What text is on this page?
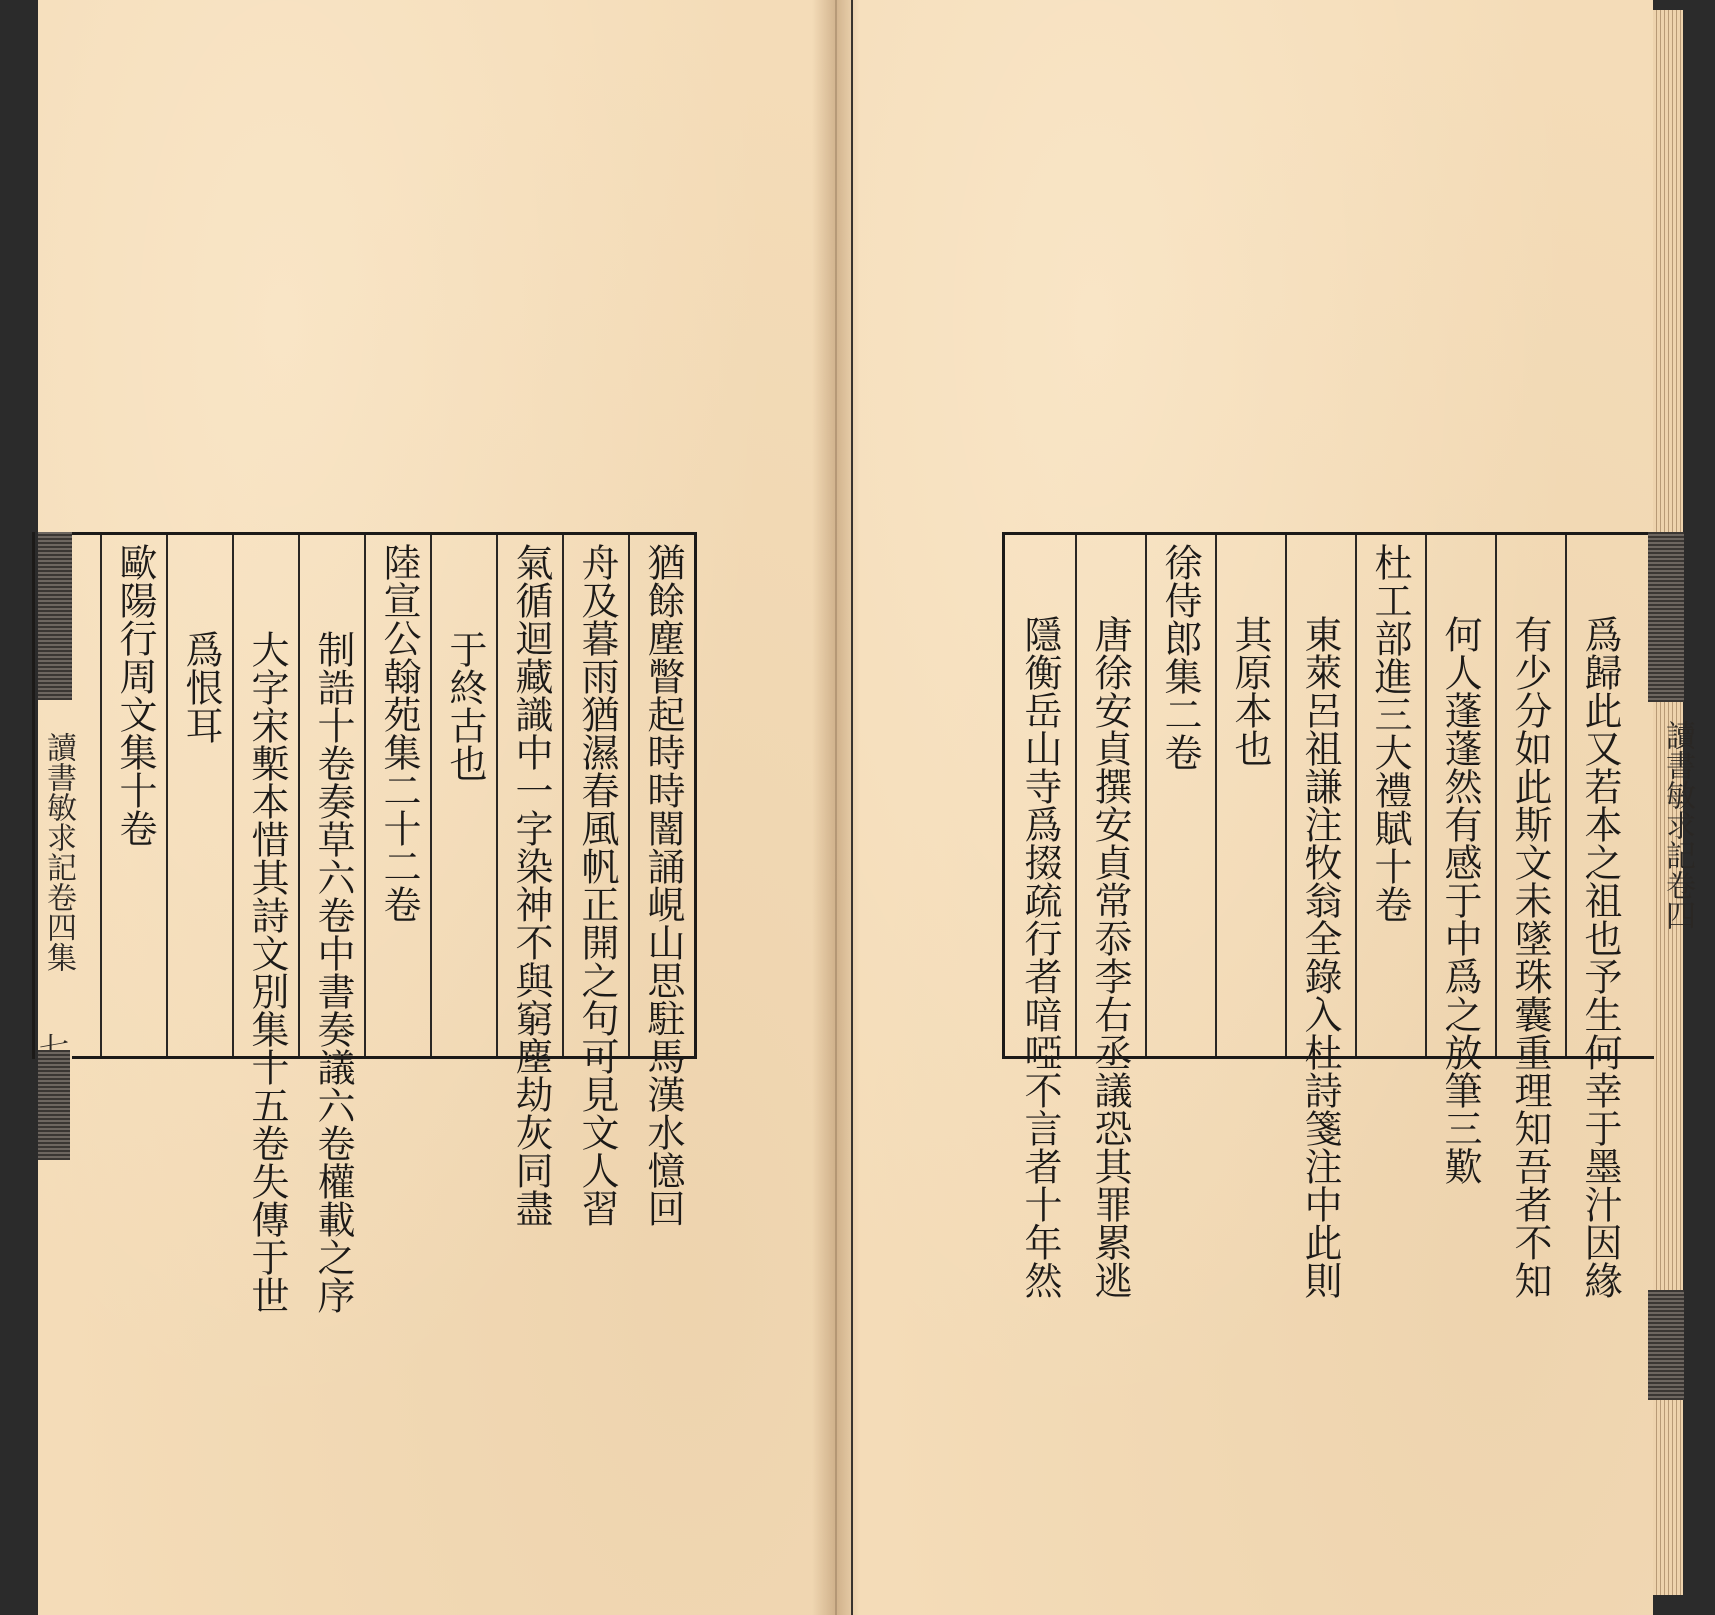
猶餘塵瞥起時時闇誦峴山思駐馬漢水憶回
舟及暮雨猶濕春風帆正開之句可見文人習
氣循迴藏識中一字染神不與窮塵劫灰同盡
于終古也
陸宣公翰苑集二十二卷
制誥十卷奏草六卷中書奏議六卷權載之序
大字宋槧本惜其詩文別集十五卷失傳于世
爲恨耳
歐陽行周文集十卷
讀書敏求記卷四集	爲歸此又若本之祖也予生何幸于墨汁因緣
有少分如此斯文未墜珠囊重理知吾者不知
何人蓬蓬然有感于中爲之放筆三歎
杜工部進三大禮賦十卷
東萊呂祖謙注牧翁全錄入杜詩箋注中此則
其原本也
徐侍郎集二卷
唐徐安貞撰安貞常忝李右丞議恐其罪累逃
隱衡岳山寺爲掇疏行者喑啞不言者十年然	讀書敏求記卷四
